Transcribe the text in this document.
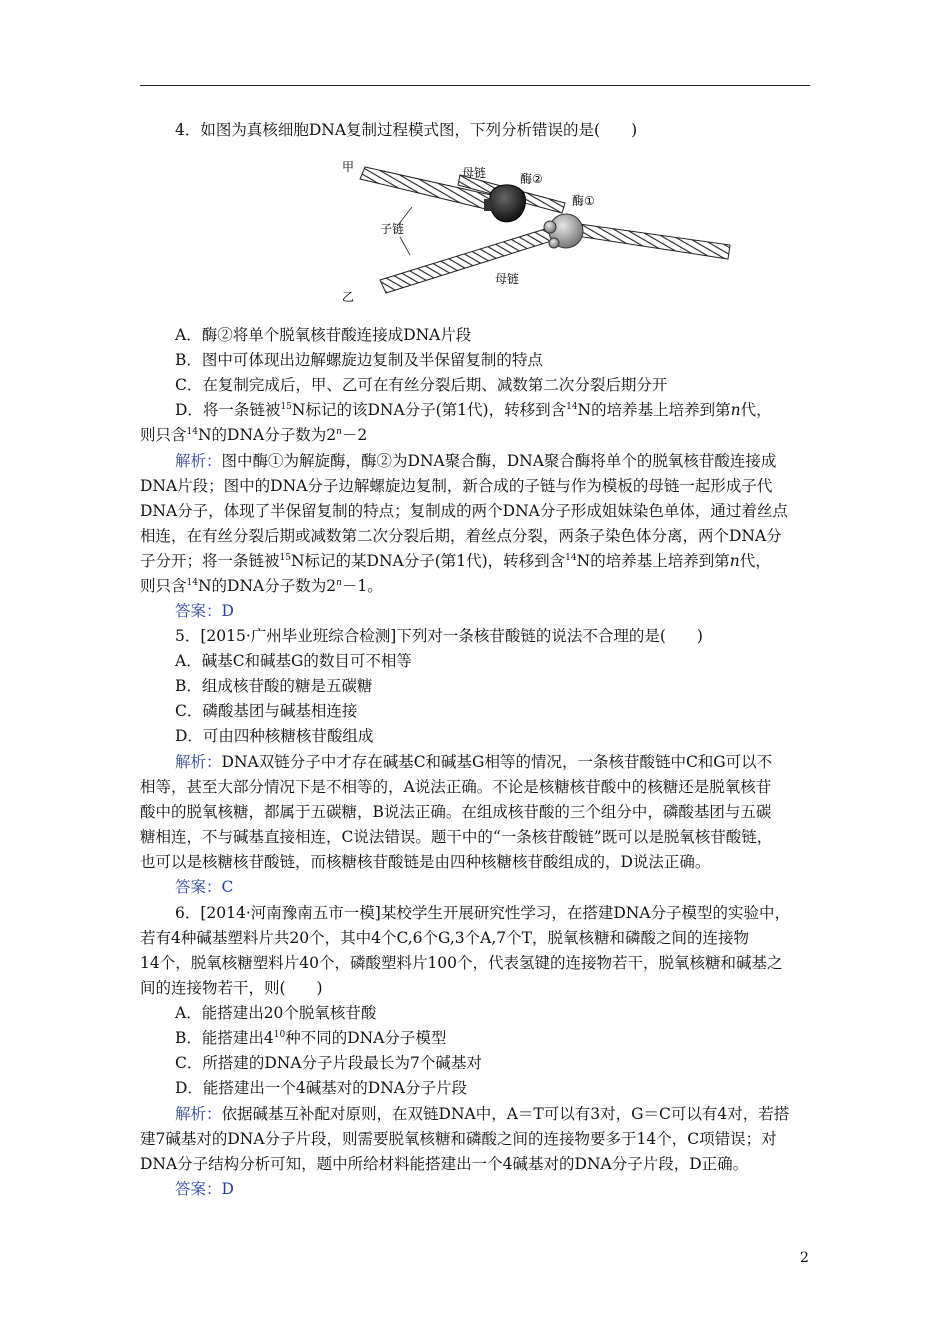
4．如图为真核细胞DNA复制过程模式图，下列分析错误的是(　　)
甲
乙
母链
母链
子链
酶②
酶①
A．酶②将单个脱氧核苷酸连接成DNA片段
B．图中可体现出边解螺旋边复制及半保留复制的特点
C．在复制完成后，甲、乙可在有丝分裂后期、减数第二次分裂后期分开
D．将一条链被$^{15}$N标记的该DNA分子(第1代)，转移到含$^{14}$N的培养基上培养到第n代，
则只含$^{14}$N的DNA分子数为$2^n-2$
解析：图中酶①为解旋酶，酶②为DNA聚合酶，DNA聚合酶将单个的脱氧核苷酸连接成
DNA片段；图中的DNA分子边解螺旋边复制，新合成的子链与作为模板的母链一起形成子代
DNA分子，体现了半保留复制的特点；复制成的两个DNA分子形成姐妹染色单体，通过着丝点
相连，在有丝分裂后期或减数第二次分裂后期，着丝点分裂，两条子染色体分离，两个DNA分
子分开；将一条链被$^{15}$N标记的某DNA分子(第1代)，转移到含$^{14}$N的培养基上培养到第n代，
则只含$^{14}$N的DNA分子数为$2^n-1$。
答案：D
5．[2015·广州毕业班综合检测]下列对一条核苷酸链的说法不合理的是(　　)
A．碱基C和碱基G的数目可不相等
B．组成核苷酸的糖是五碳糖
C．磷酸基团与碱基相连接
D．可由四种核糖核苷酸组成
解析：DNA双链分子中才存在碱基C和碱基G相等的情况，一条核苷酸链中C和G可以不
相等，甚至大部分情况下是不相等的，A说法正确。不论是核糖核苷酸中的核糖还是脱氧核苷
酸中的脱氧核糖，都属于五碳糖，B说法正确。在组成核苷酸的三个组分中，磷酸基团与五碳
糖相连，不与碱基直接相连，C说法错误。题干中的“一条核苷酸链”既可以是脱氧核苷酸链，
也可以是核糖核苷酸链，而核糖核苷酸链是由四种核糖核苷酸组成的，D说法正确。
答案：C
6．[2014·河南豫南五市一模]某校学生开展研究性学习，在搭建DNA分子模型的实验中，
若有4种碱基塑料片共20个，其中4个C,6个G,3个A,7个T，脱氧核糖和磷酸之间的连接物
14个，脱氧核糖塑料片40个，磷酸塑料片100个，代表氢键的连接物若干，脱氧核糖和碱基之
间的连接物若干，则(　　)
A．能搭建出20个脱氧核苷酸
B．能搭建出$4^{10}$种不同的DNA分子模型
C．所搭建的DNA分子片段最长为7个碱基对
D．能搭建出一个4碱基对的DNA分子片段
解析：依据碱基互补配对原则，在双链DNA中，A＝T可以有3对，G＝C可以有4对，若搭
建7碱基对的DNA分子片段，则需要脱氧核糖和磷酸之间的连接物要多于14个，C项错误；对
DNA分子结构分析可知，题中所给材料能搭建出一个4碱基对的DNA分子片段，D正确。
答案：D
2
